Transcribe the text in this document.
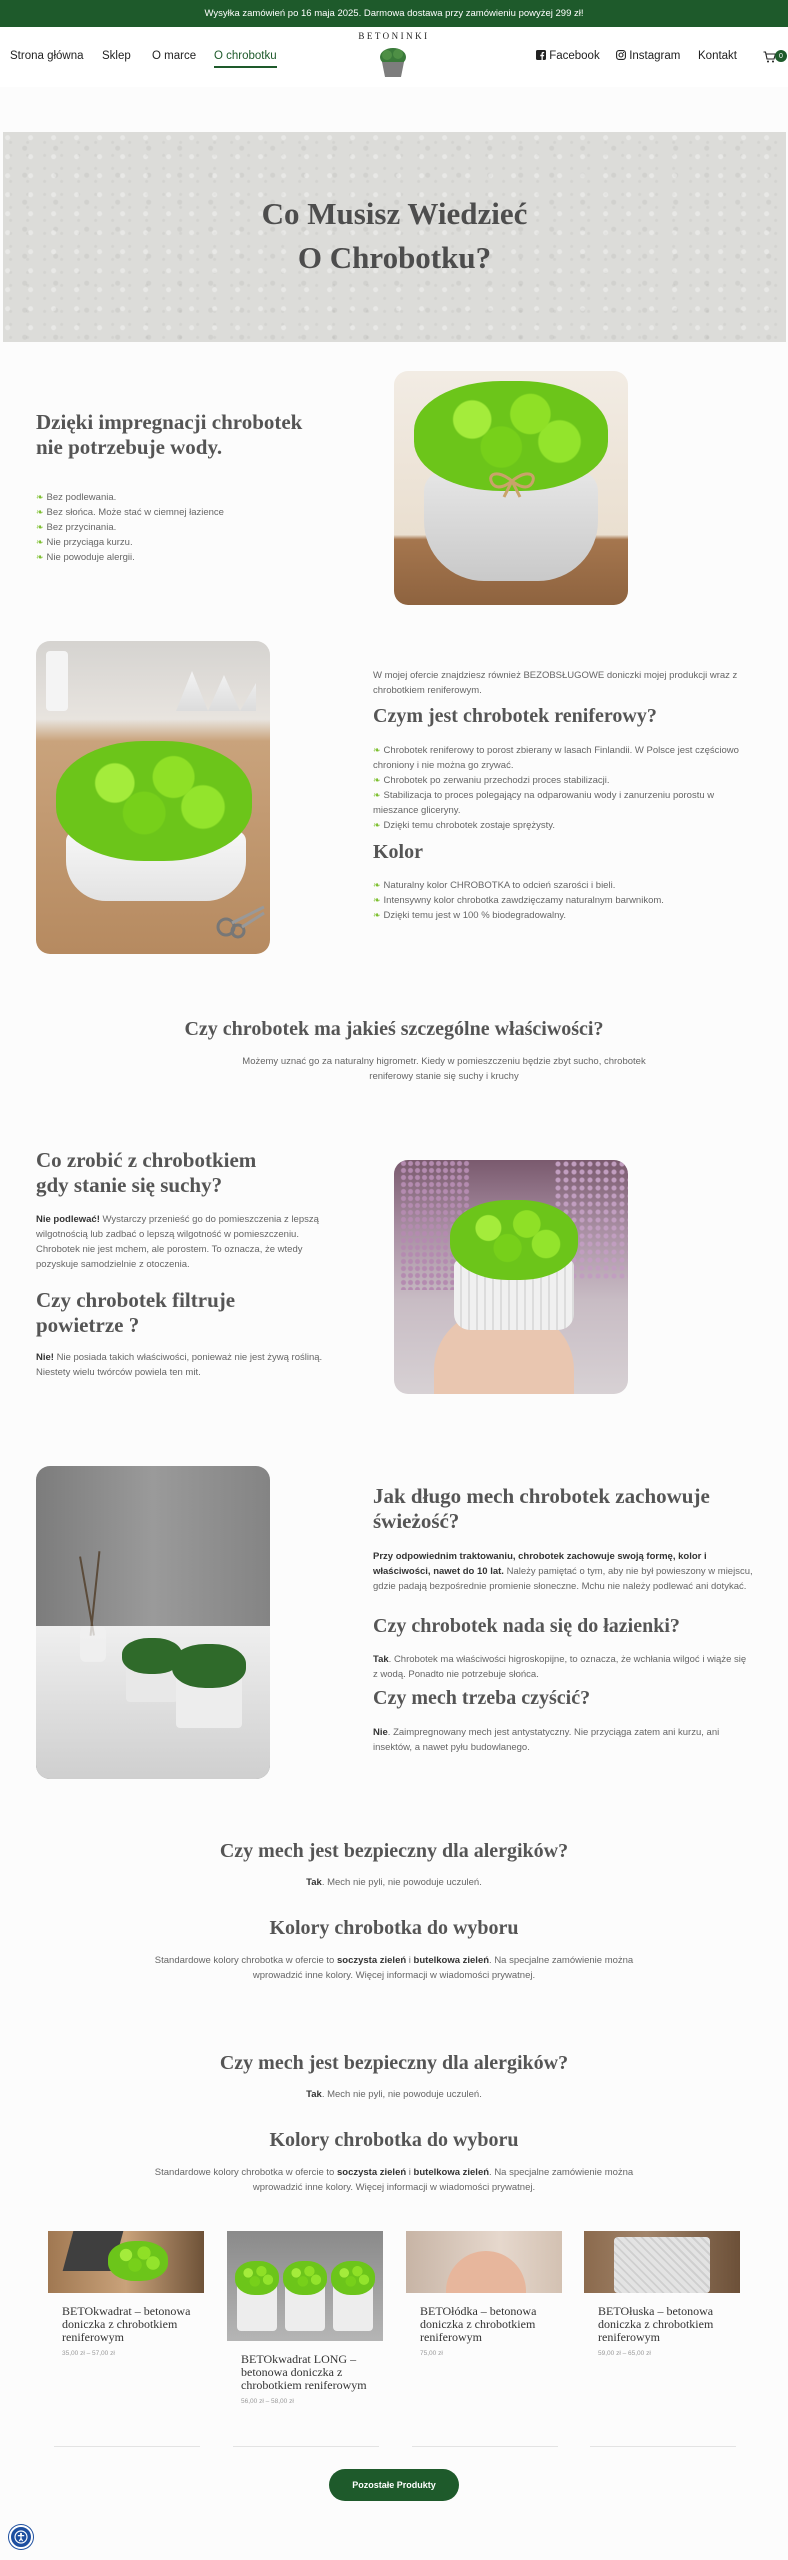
Wysyłka zamówień po 16 maja 2025. Darmowa dostawa przy zamówieniu powyżej 299 zł!
Strona główna Sklep O marce O chrobotku
BETONINKI
Facebook	Instagram Kontakt	0
Co Musisz Wiedzieć
O Chrobotku?
Dzięki impregnacji chrobotek
nie potrzebuje wody.
❧ Bez podlewania.
❧ Bez słońca. Może stać w ciemnej łazience
❧ Bez przycinania.
❧ Nie przyciąga kurzu.
❧ Nie powoduje alergii.
W mojej ofercie znajdziesz również BEZOBSŁUGOWE doniczki mojej produkcji wraz z chrobotkiem reniferowym.
Czym jest chrobotek reniferowy?
❧ Chrobotek reniferowy to porost zbierany w lasach Finlandii. W Polsce jest częściowo chroniony i nie można go zrywać.
❧ Chrobotek po zerwaniu przechodzi proces stabilizacji.
❧ Stabilizacja to proces polegający na odparowaniu wody i zanurzeniu porostu w mieszance gliceryny.
❧ Dzięki temu chrobotek zostaje sprężysty.
Kolor
❧ Naturalny kolor CHROBOTKA to odcień szarości i bieli.
❧ Intensywny kolor chrobotka zawdzięczamy naturalnym barwnikom.
❧ Dzięki temu jest w 100 % biodegradowalny.
Czy chrobotek ma jakieś szczególne właściwości?
Możemy uznać go za naturalny higrometr. Kiedy w pomieszczeniu będzie zbyt sucho, chrobotek reniferowy stanie się suchy i kruchy
Co zrobić z chrobotkiem
gdy stanie się suchy?
Nie podlewać! Wystarczy przenieść go do pomieszczenia z lepszą wilgotnością lub zadbać o lepszą wilgotność w pomieszczeniu. Chrobotek nie jest mchem, ale porostem. To oznacza, że wtedy pozyskuje samodzielnie z otoczenia.
Czy chrobotek filtruje
powietrze ?
Nie! Nie posiada takich właściwości, ponieważ nie jest żywą rośliną. Niestety wielu twórców powiela ten mit.
Jak długo mech chrobotek zachowuje
świeżość?
Przy odpowiednim traktowaniu, chrobotek zachowuje swoją formę, kolor i właściwości, nawet do 10 lat. Należy pamiętać o tym, aby nie był powieszony w miejscu, gdzie padają bezpośrednie promienie słoneczne. Mchu nie należy podlewać ani dotykać.
Czy chrobotek nada się do łazienki?
Tak. Chrobotek ma właściwości higroskopijne, to oznacza, że wchłania wilgoć i wiąże się z wodą. Ponadto nie potrzebuje słońca.
Czy mech trzeba czyścić?
Nie. Zaimpregnowany mech jest antystatyczny. Nie przyciąga zatem ani kurzu, ani insektów, a nawet pyłu budowlanego.
Czy mech jest bezpieczny dla alergików?
Tak. Mech nie pyli, nie powoduje uczuleń.
Kolory chrobotka do wyboru
Standardowe kolory chrobotka w ofercie to soczysta zieleń i butelkowa zieleń. Na specjalne zamówienie można wprowadzić inne kolory. Więcej informacji w wiadomości prywatnej.
Czy mech jest bezpieczny dla alergików?
Tak. Mech nie pyli, nie powoduje uczuleń.
Kolory chrobotka do wyboru
Standardowe kolory chrobotka w ofercie to soczysta zieleń i butelkowa zieleń. Na specjalne zamówienie można wprowadzić inne kolory. Więcej informacji w wiadomości prywatnej.
BETOkwadrat – betonowa doniczka z chrobotkiem reniferowym
35,00 zł – 57,00 zł	BETOkwadrat LONG – betonowa doniczka z chrobotkiem reniferowym
56,00 zł – 58,00 zł
BETOłódka – betonowa doniczka z chrobotkiem reniferowym
75,00 zł
BETOłuska – betonowa doniczka z chrobotkiem reniferowym
59,00 zł – 65,00 zł
Pozostałe Produkty
